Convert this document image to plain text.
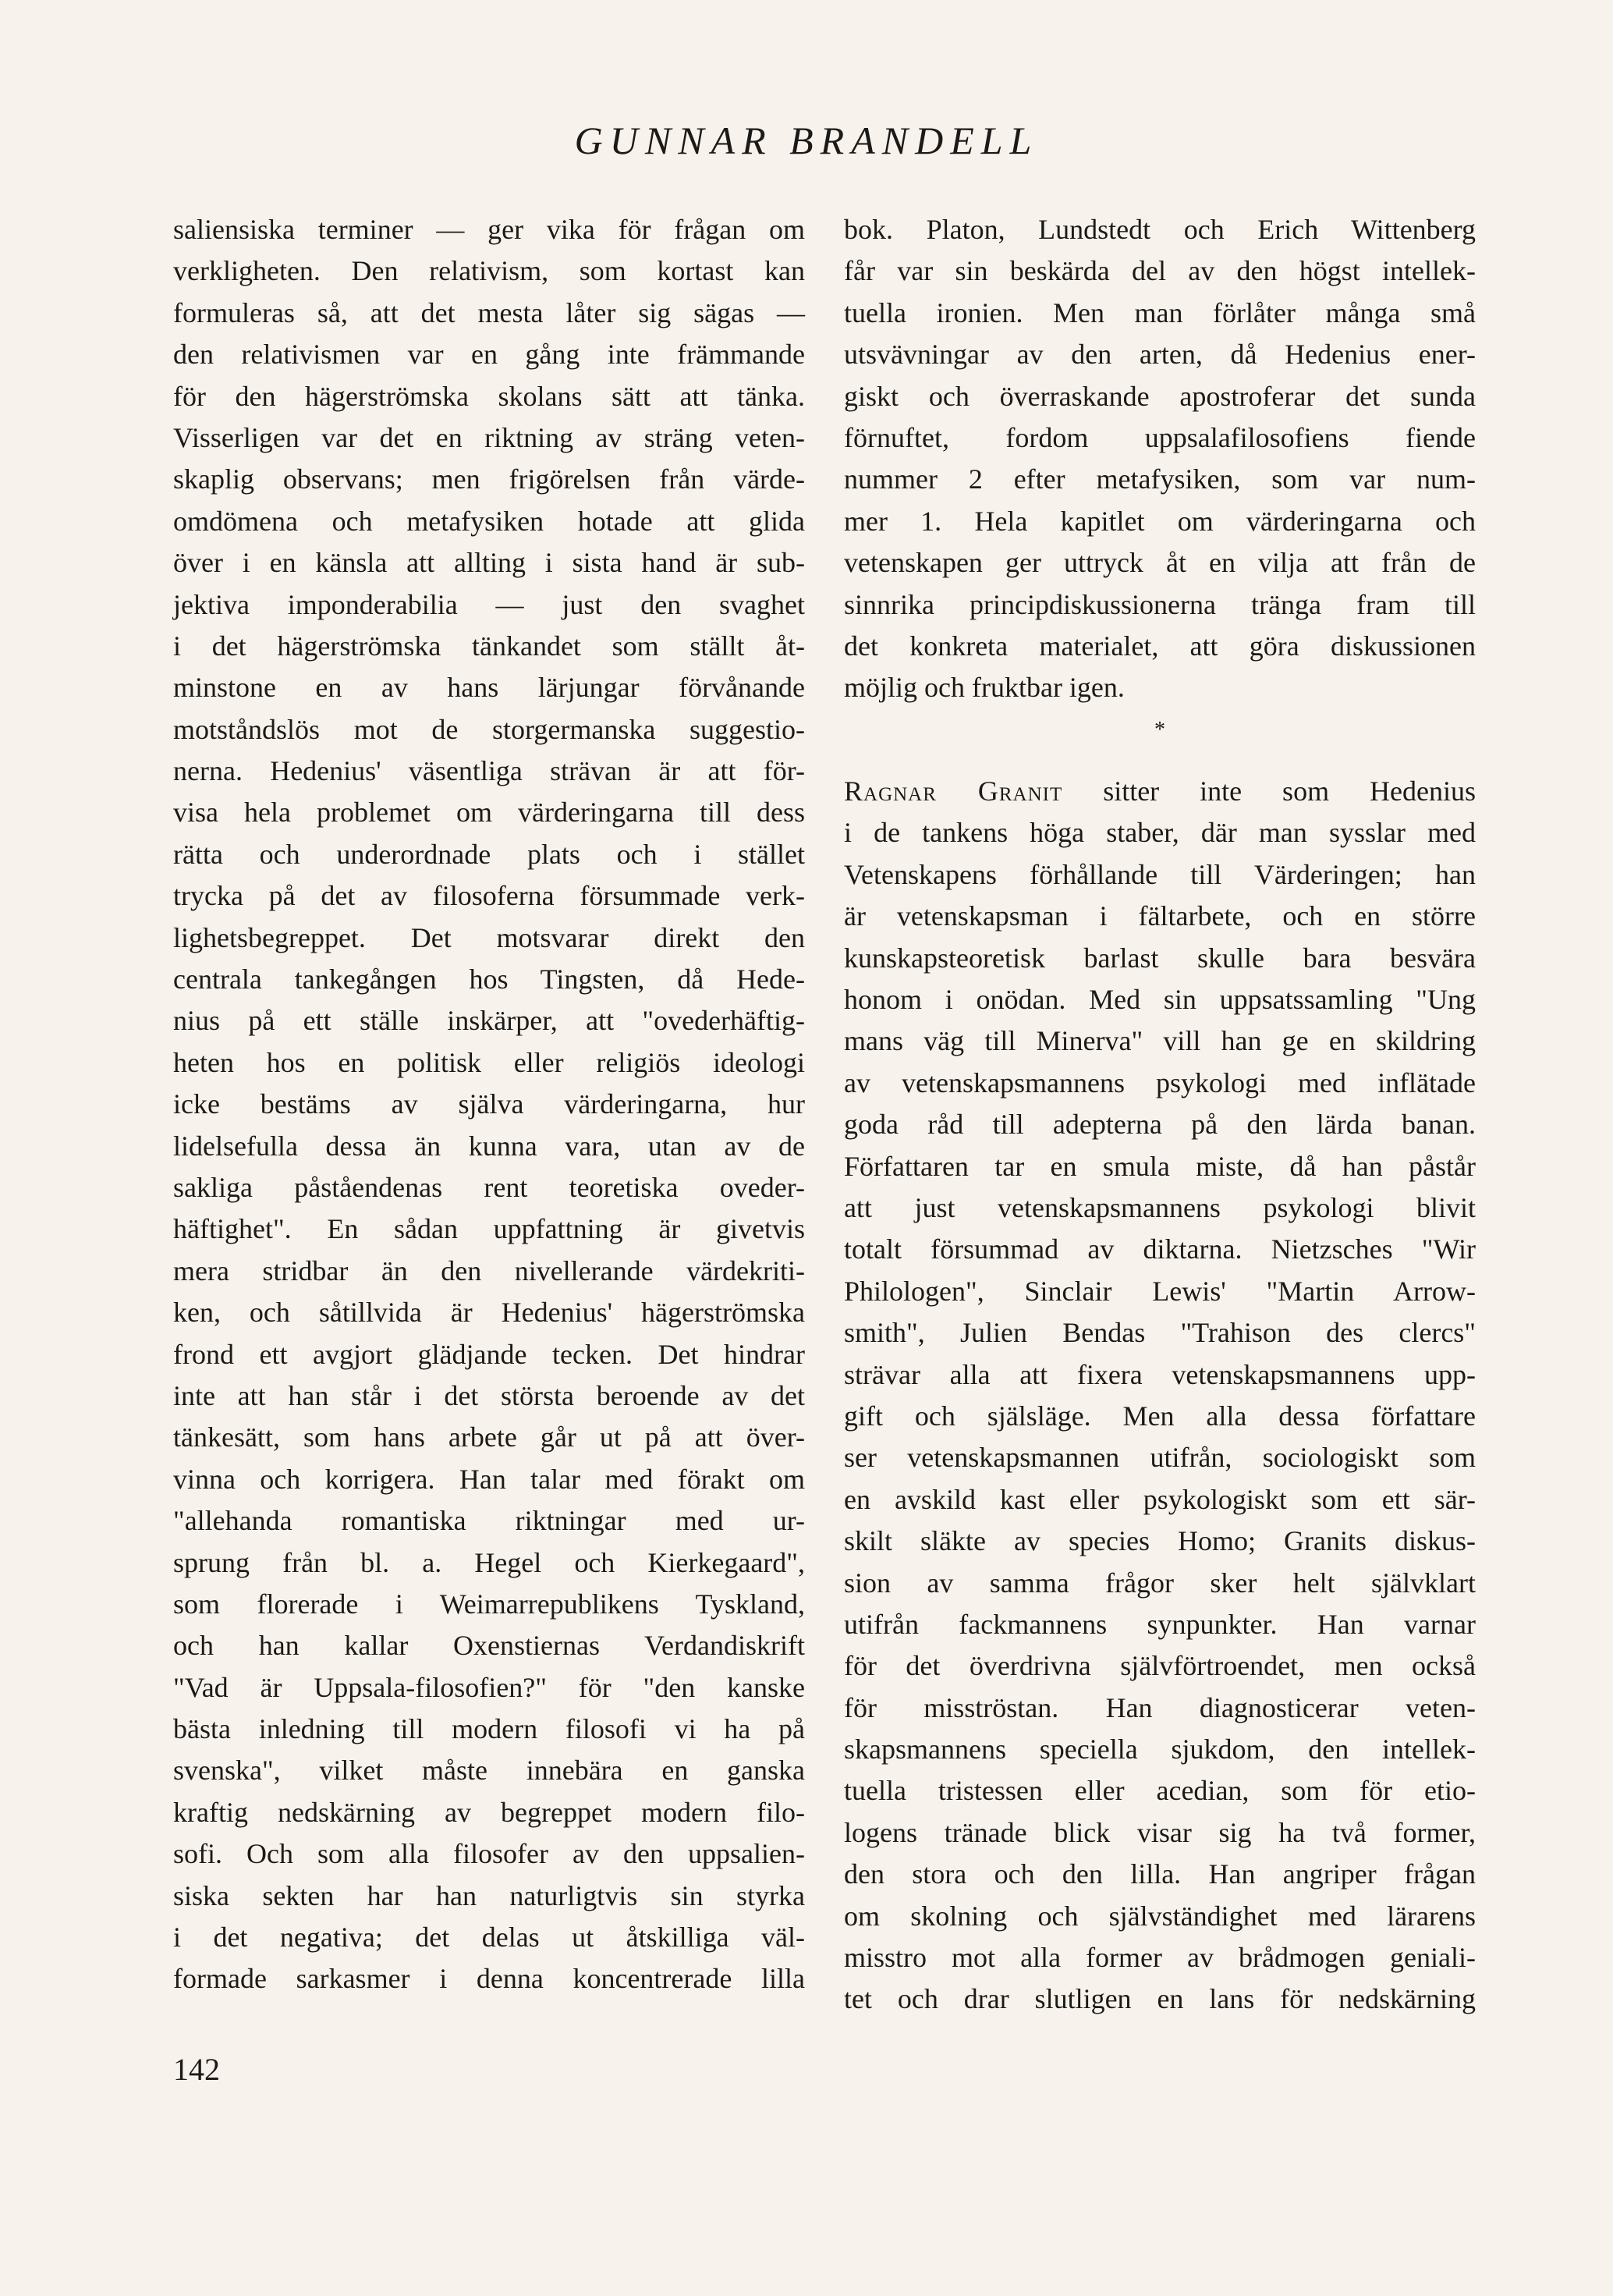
GUNNAR BRANDELL
saliensiska terminer — ger vika för frågan om
verkligheten. Den relativism, som kortast kan
formuleras så, att det mesta låter sig sägas —
den relativismen var en gång inte främmande
för den hägerströmska skolans sätt att tänka.
Visserligen var det en riktning av sträng veten-
skaplig observans; men frigörelsen från värde-
omdömena och metafysiken hotade att glida
över i en känsla att allting i sista hand är sub-
jektiva imponderabilia — just den svaghet
i det hägerströmska tänkandet som ställt åt-
minstone en av hans lärjungar förvånande
motståndslös mot de storgermanska suggestio-
nerna. Hedenius' väsentliga strävan är att för-
visa hela problemet om värderingarna till dess
rätta och underordnade plats och i stället
trycka på det av filosoferna försummade verk-
lighetsbegreppet. Det motsvarar direkt den
centrala tankegången hos Tingsten, då Hede-
nius på ett ställe inskärper, att "ovederhäftig-
heten hos en politisk eller religiös ideologi
icke bestäms av själva värderingarna, hur
lidelsefulla dessa än kunna vara, utan av de
sakliga påståendenas rent teoretiska oveder-
häftighet". En sådan uppfattning är givetvis
mera stridbar än den nivellerande värdekriti-
ken, och såtillvida är Hedenius' hägerströmska
frond ett avgjort glädjande tecken. Det hindrar
inte att han står i det största beroende av det
tänkesätt, som hans arbete går ut på att över-
vinna och korrigera. Han talar med förakt om
"allehanda romantiska riktningar med ur-
sprung från bl. a. Hegel och Kierkegaard",
som florerade i Weimarrepublikens Tyskland,
och han kallar Oxenstiernas Verdandiskrift
"Vad är Uppsala-filosofien?" för "den kanske
bästa inledning till modern filosofi vi ha på
svenska", vilket måste innebära en ganska
kraftig nedskärning av begreppet modern filo-
sofi. Och som alla filosofer av den uppsalien-
siska sekten har han naturligtvis sin styrka
i det negativa; det delas ut åtskilliga väl-
formade sarkasmer i denna koncentrerade lilla
bok. Platon, Lundstedt och Erich Wittenberg
får var sin beskärda del av den högst intellek-
tuella ironien. Men man förlåter många små
utsvävningar av den arten, då Hedenius ener-
giskt och överraskande apostroferar det sunda
förnuftet, fordom uppsalafilosofiens fiende
nummer 2 efter metafysiken, som var num-
mer 1. Hela kapitlet om värderingarna och
vetenskapen ger uttryck åt en vilja att från de
sinnrika principdiskussionerna tränga fram till
det konkreta materialet, att göra diskussionen
möjlig och fruktbar igen.
*
Ragnar Granit sitter inte som Hedenius
i de tankens höga staber, där man sysslar med
Vetenskapens förhållande till Värderingen; han
är vetenskapsman i fältarbete, och en större
kunskapsteoretisk barlast skulle bara besvära
honom i onödan. Med sin uppsatssamling "Ung
mans väg till Minerva" vill han ge en skildring
av vetenskapsmannens psykologi med inflätade
goda råd till adepterna på den lärda banan.
Författaren tar en smula miste, då han påstår
att just vetenskapsmannens psykologi blivit
totalt försummad av diktarna. Nietzsches "Wir
Philologen", Sinclair Lewis' "Martin Arrow-
smith", Julien Bendas "Trahison des clercs"
strävar alla att fixera vetenskapsmannens upp-
gift och själsläge. Men alla dessa författare
ser vetenskapsmannen utifrån, sociologiskt som
en avskild kast eller psykologiskt som ett sär-
skilt släkte av species Homo; Granits diskus-
sion av samma frågor sker helt självklart
utifrån fackmannens synpunkter. Han varnar
för det överdrivna självförtroendet, men också
för misströstan. Han diagnosticerar veten-
skapsmannens speciella sjukdom, den intellek-
tuella tristessen eller acedian, som för etio-
logens tränade blick visar sig ha två former,
den stora och den lilla. Han angriper frågan
om skolning och självständighet med lärarens
misstro mot alla former av brådmogen geniali-
tet och drar slutligen en lans för nedskärning
142
